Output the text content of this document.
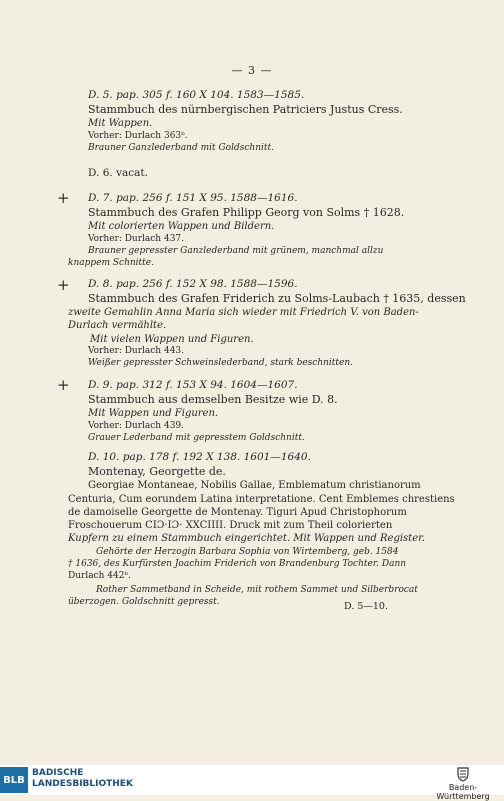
— 3 —
D. 5. pap. 305 f. 160 X 104. 1583—1585.
Stammbuch des nürnbergischen Patriciers Justus Cress.
Mit Wappen.
Vorher: Durlach 363ᵇ.
Brauner Ganzlederband mit Goldschnitt.
D. 6. vacat.
+ D. 7. pap. 256 f. 151 X 95. 1588—1616.
Stammbuch des Grafen Philipp Georg von Solms † 1628.
Mit colorierten Wappen und Bildern.
Vorher: Durlach 437.
Brauner gepresster Ganzlederband mit grünem, manchmal allzu
knappem Schnitte.
+ D. 8. pap. 256 f. 152 X 98. 1588—1596.
Stammbuch des Grafen Friderich zu Solms-Laubach † 1635, dessen
zweite Gemahlin Anna Maria sich wieder mit Friedrich V. von Baden-
Durlach vermählte.
Mit vielen Wappen und Figuren.
Vorher: Durlach 443.
Weißer gepresster Schweinslederband, stark beschnitten.
+ D. 9. pap. 312 f. 153 X 94. 1604—1607.
Stammbuch aus demselben Besitze wie D. 8.
Mit Wappen und Figuren.
Vorher: Durlach 439.
Grauer Lederband mit gepresstem Goldschnitt.
D. 10. pap. 178 f. 192 X 138. 1601—1640.
Montenay, Georgette de.
Georgiae Montaneae, Nobilis Gallae, Emblematum christianorum
Centuria, Cum eorundem Latina interpretatione. Cent Emblemes chrestiens
de damoiselle Georgette de Montenay. Tiguri Apud Christophorum
Froschouerum CIƆ·IƆ· XXCIIII. Druck mit zum Theil colorierten
Kupfern zu einem Stammbuch eingerichtet. Mit Wappen und Register.
Gehörte der Herzogin Barbara Sophia von Wirtemberg, geb. 1584
† 1636, des Kurfürsten Joachim Friderich von Brandenburg Tochter. Dann
Durlach 442ᵇ.
Rother Sammetband in Scheide, mit rothem Sammet und Silberbrocat
überzogen. Goldschnitt gepresst.	D. 5—10.
BLB
BADISCHE
LANDESBIBLIOTHEK	Baden-Württemberg
